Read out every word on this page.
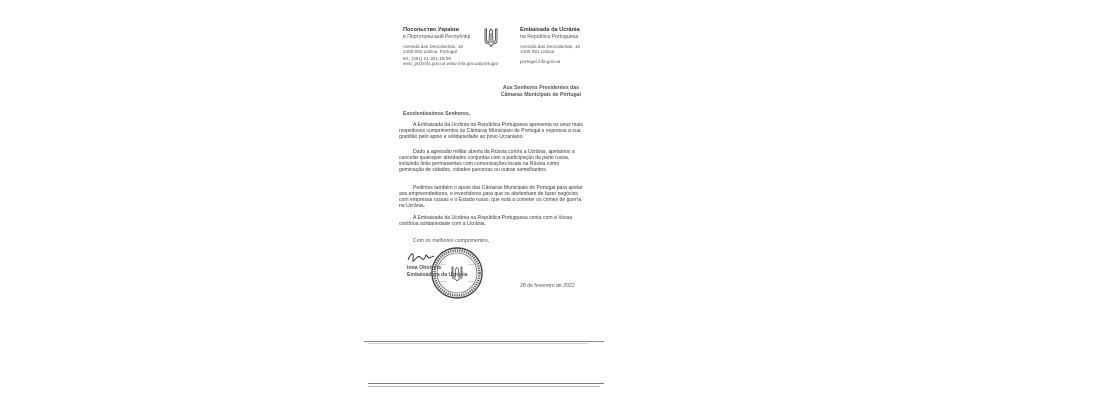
Посольство України
в Португальській Республіці
Avenida das Descobertas, 18
1400-092 Lisboa, Portugal
tel.: (351) 21 301-18-05
emb_pt@mfa.gov.ua www.mfa.gov.ua/portugal
Embaixada da Ucrânia
na República Portuguesa
Avenida das Descobertas, 18
1400-092 Lisboa
portugal.mfa.gov.ua
Aos Senhores Presidentes das
Câmaras Municipais de Portugal
Excelentíssimos Senhores,
A Embaixada da Ucrânia na República Portuguesa apresenta os seus mais respeitosos cumprimentos às Câmaras Municipais de Portugal e expressa a sua gratidão pelo apoio e solidariedade ao povo Ucraniano.
Dado a agressão militar aberta da Rússia contra a Ucrânia, apelamos a cancelar quaisquer atividades conjuntas com a participação da parte russa, incluindo links permanentes com comunicações locais na Rússia como geminação de cidades, cidades parceiras ou outras semelhantes.
Pedimos também o apoio das Câmaras Municipais de Portugal para apelar aos empreendedores, e investidores para que se abstenham de fazer negócios com empresas russas e o Estado russo, que está a cometer os crimes de guerra na Ucrânia.
A Embaixada da Ucrânia na República Portuguesa conta com a Vossa contínua solidariedade com a Ucrânia.
Com os melhores cumprimentos,
Inna Ohnivets
Embaixadora da Ucrânia
28 de fevereiro de 2022
